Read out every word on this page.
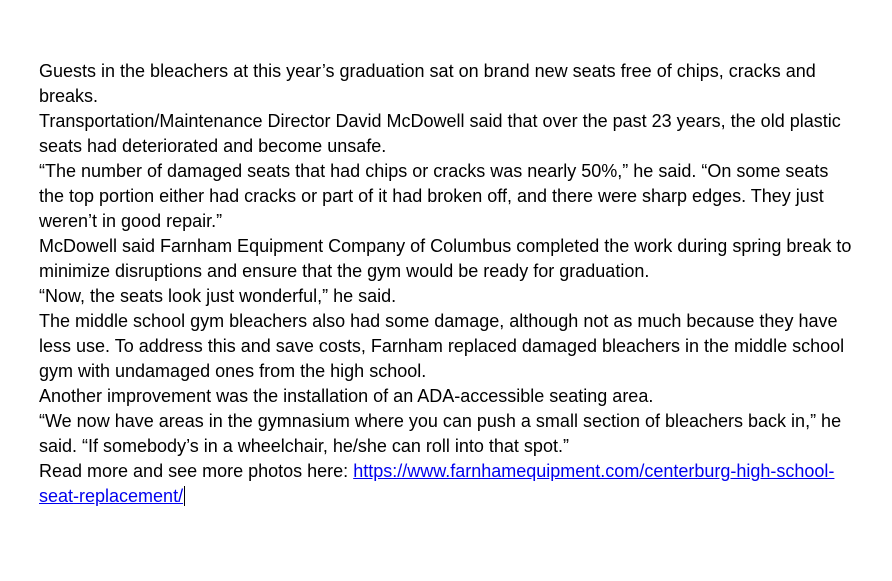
Guests in the bleachers at this year’s graduation sat on brand new seats free of chips, cracks and breaks.

Transportation/Maintenance Director David McDowell said that over the past 23 years, the old plastic seats had deteriorated and become unsafe.

“The number of damaged seats that had chips or cracks was nearly 50%,” he said. “On some seats the top portion either had cracks or part of it had broken off, and there were sharp edges. They just weren’t in good repair.”

McDowell said Farnham Equipment Company of Columbus completed the work during spring break to minimize disruptions and ensure that the gym would be ready for graduation.

“Now, the seats look just wonderful,” he said.

The middle school gym bleachers also had some damage, although not as much because they have less use. To address this and save costs, Farnham replaced damaged bleachers in the middle school gym with undamaged ones from the high school.

Another improvement was the installation of an ADA-accessible seating area.

“We now have areas in the gymnasium where you can push a small section of bleachers back in,” he said. “If somebody’s in a wheelchair, he/she can roll into that spot.”

Read more and see more photos here: https://www.farnhamequipment.com/centerburg-high-school-seat-replacement/
